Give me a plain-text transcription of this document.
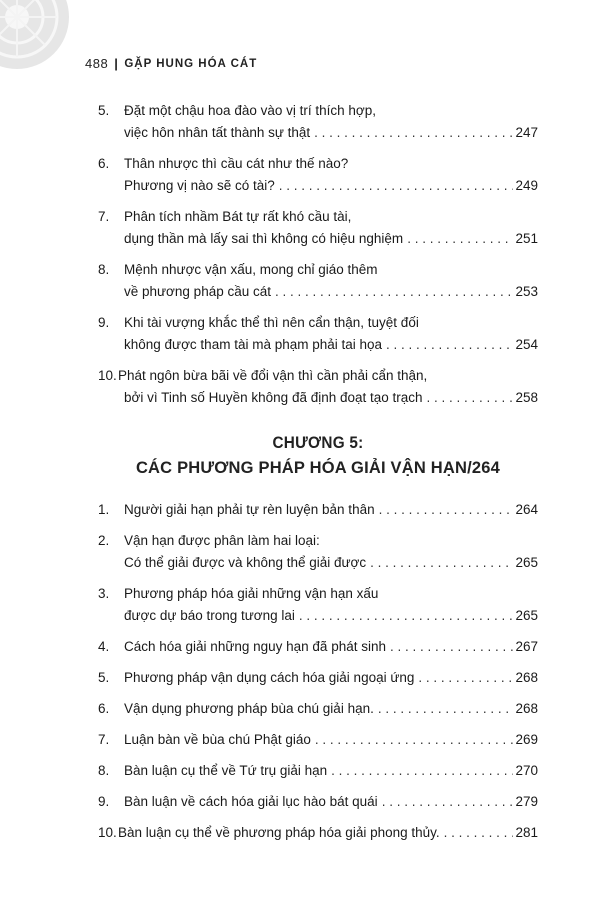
488 | GẶP HUNG HÓA CÁT
5.	Đặt một chậu hoa đào vào vị trí thích hợp,
việc hôn nhân tất thành sự thật . . .	247
6.	Thân nhược thì cầu cát như thế nào?
Phương vị nào sẽ có tài? . . .	249
7.	Phân tích nhầm Bát tự rất khó cầu tài,
dụng thần mà lấy sai thì không có hiệu nghiệm . . .	251
8.	Mệnh nhược vận xấu, mong chỉ giáo thêm
về phương pháp cầu cát . . .	253
9.	Khi tài vượng khắc thể thì nên cẩn thận, tuyệt đối
không được tham tài mà phạm phải tai họa . . .	254
10. Phát ngôn bừa bãi về đổi vận thì cần phải cẩn thận,
bởi vì Tinh số Huyền không đã định đoạt tạo trạch . . .	258
CHƯƠNG 5:
CÁC PHƯƠNG PHÁP HÓA GIẢI VẬN HẠN/264
1.	Người giải hạn phải tự rèn luyện bản thân . . .	264
2.	Vận hạn được phân làm hai loại:
Có thể giải được và không thể giải được . . .	265
3.	Phương pháp hóa giải những vận hạn xấu
được dự báo trong tương lai . . .	265
4.	Cách hóa giải những nguy hạn đã phát sinh . . .	267
5.	Phương pháp vận dụng cách hóa giải ngoại ứng . . .	268
6.	Vận dụng phương pháp bùa chú giải hạn. . . .	268
7.	Luận bàn về bùa chú Phật giáo . . .	269
8.	Bàn luận cụ thể về Tứ trụ giải hạn . . .	270
9.	Bàn luận về cách hóa giải lục hào bát quái . . .	279
10. Bàn luận cụ thể về phương pháp hóa giải phong thủy. . . .	281
